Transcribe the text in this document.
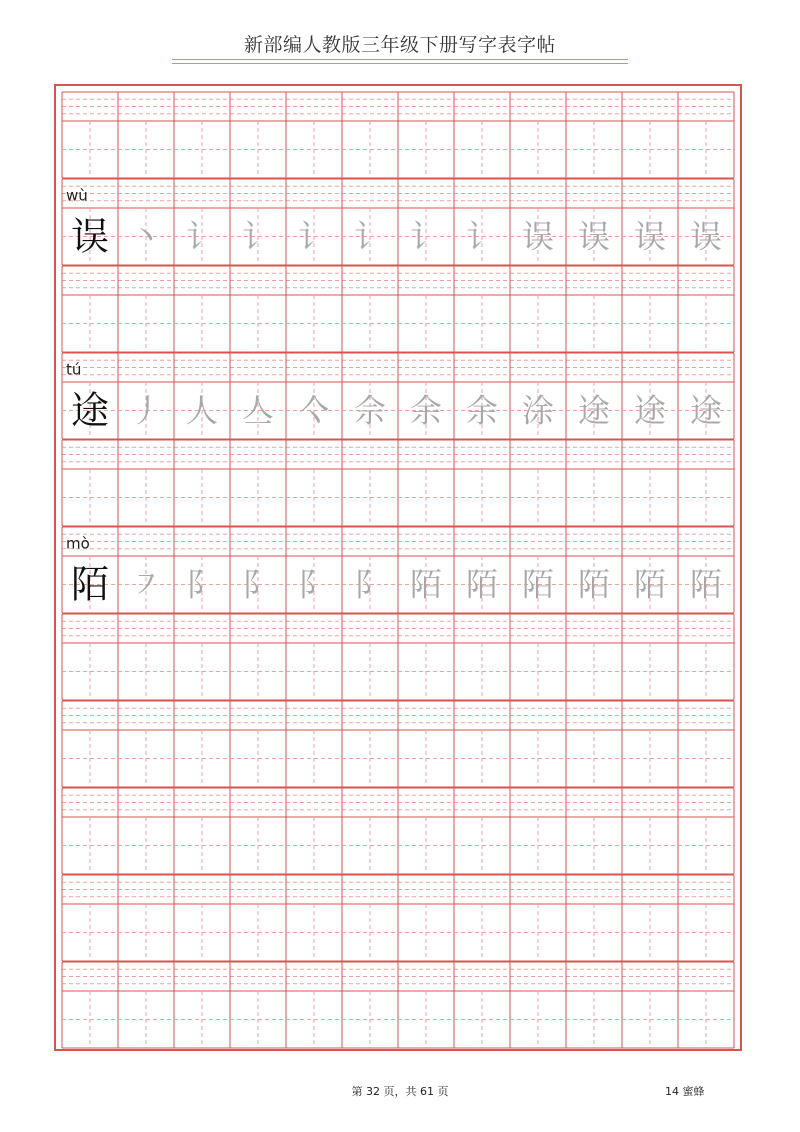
新部编人教版三年级下册写字表字帖
wù
误 丶 讠 讠 讠 讠 讠 讠 误 误 误 误
tú
途 丿 人 亼 亽 佘 余 余 涂 途 途 途
mò
陌 ㇇ 阝 阝 阝 阝 陌 陌 陌 陌 陌 陌
第 32 页，共 61 页	14 蜜蜂
